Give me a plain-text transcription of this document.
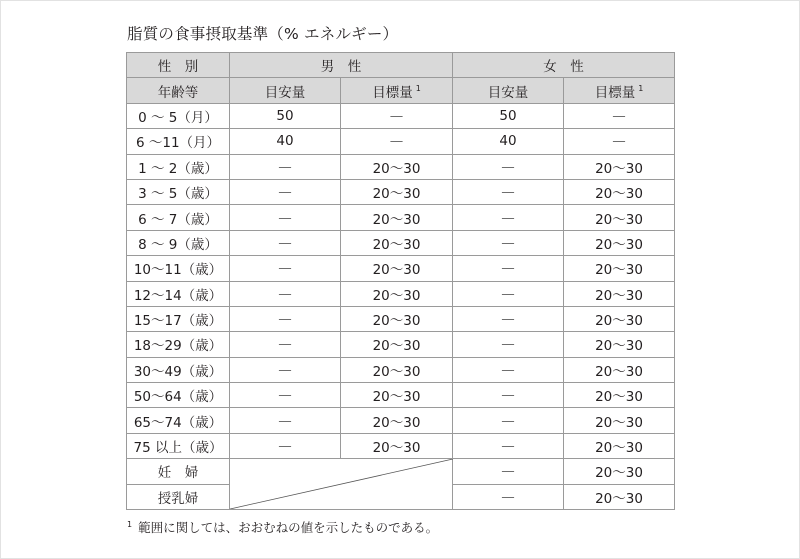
脂質の食事摂取基準（% エネルギー）
性　別	男　性		女　性	
年齢等	目安量	目標量 $^1$	目安量	目標量 $^1$
0 ～ 5（月）	50	—	50	—
6 ～11（月）	40	—	40	—
1 ～ 2（歳）	—	20～30	—	20～30
3 ～ 5（歳）	—	20～30	—	20～30
6 ～ 7（歳）	—	20～30	—	20～30
8 ～ 9（歳）	—	20～30	—	20～30
10～11（歳）	—	20～30	—	20～30
12～14（歳）	—	20～30	—	20～30
15～17（歳）	—	20～30	—	20～30
18～29（歳）	—	20～30	—	20～30
30～49（歳）	—	20～30	—	20～30
50～64（歳）	—	20～30	—	20～30
65～74（歳）	—	20～30	—	20～30
75 以上（歳）	—	20～30	—	20～30
妊　婦			—	20～30
授乳婦			—	20～30
$^1$ 範囲に関しては、おおむねの値を示したものである。
